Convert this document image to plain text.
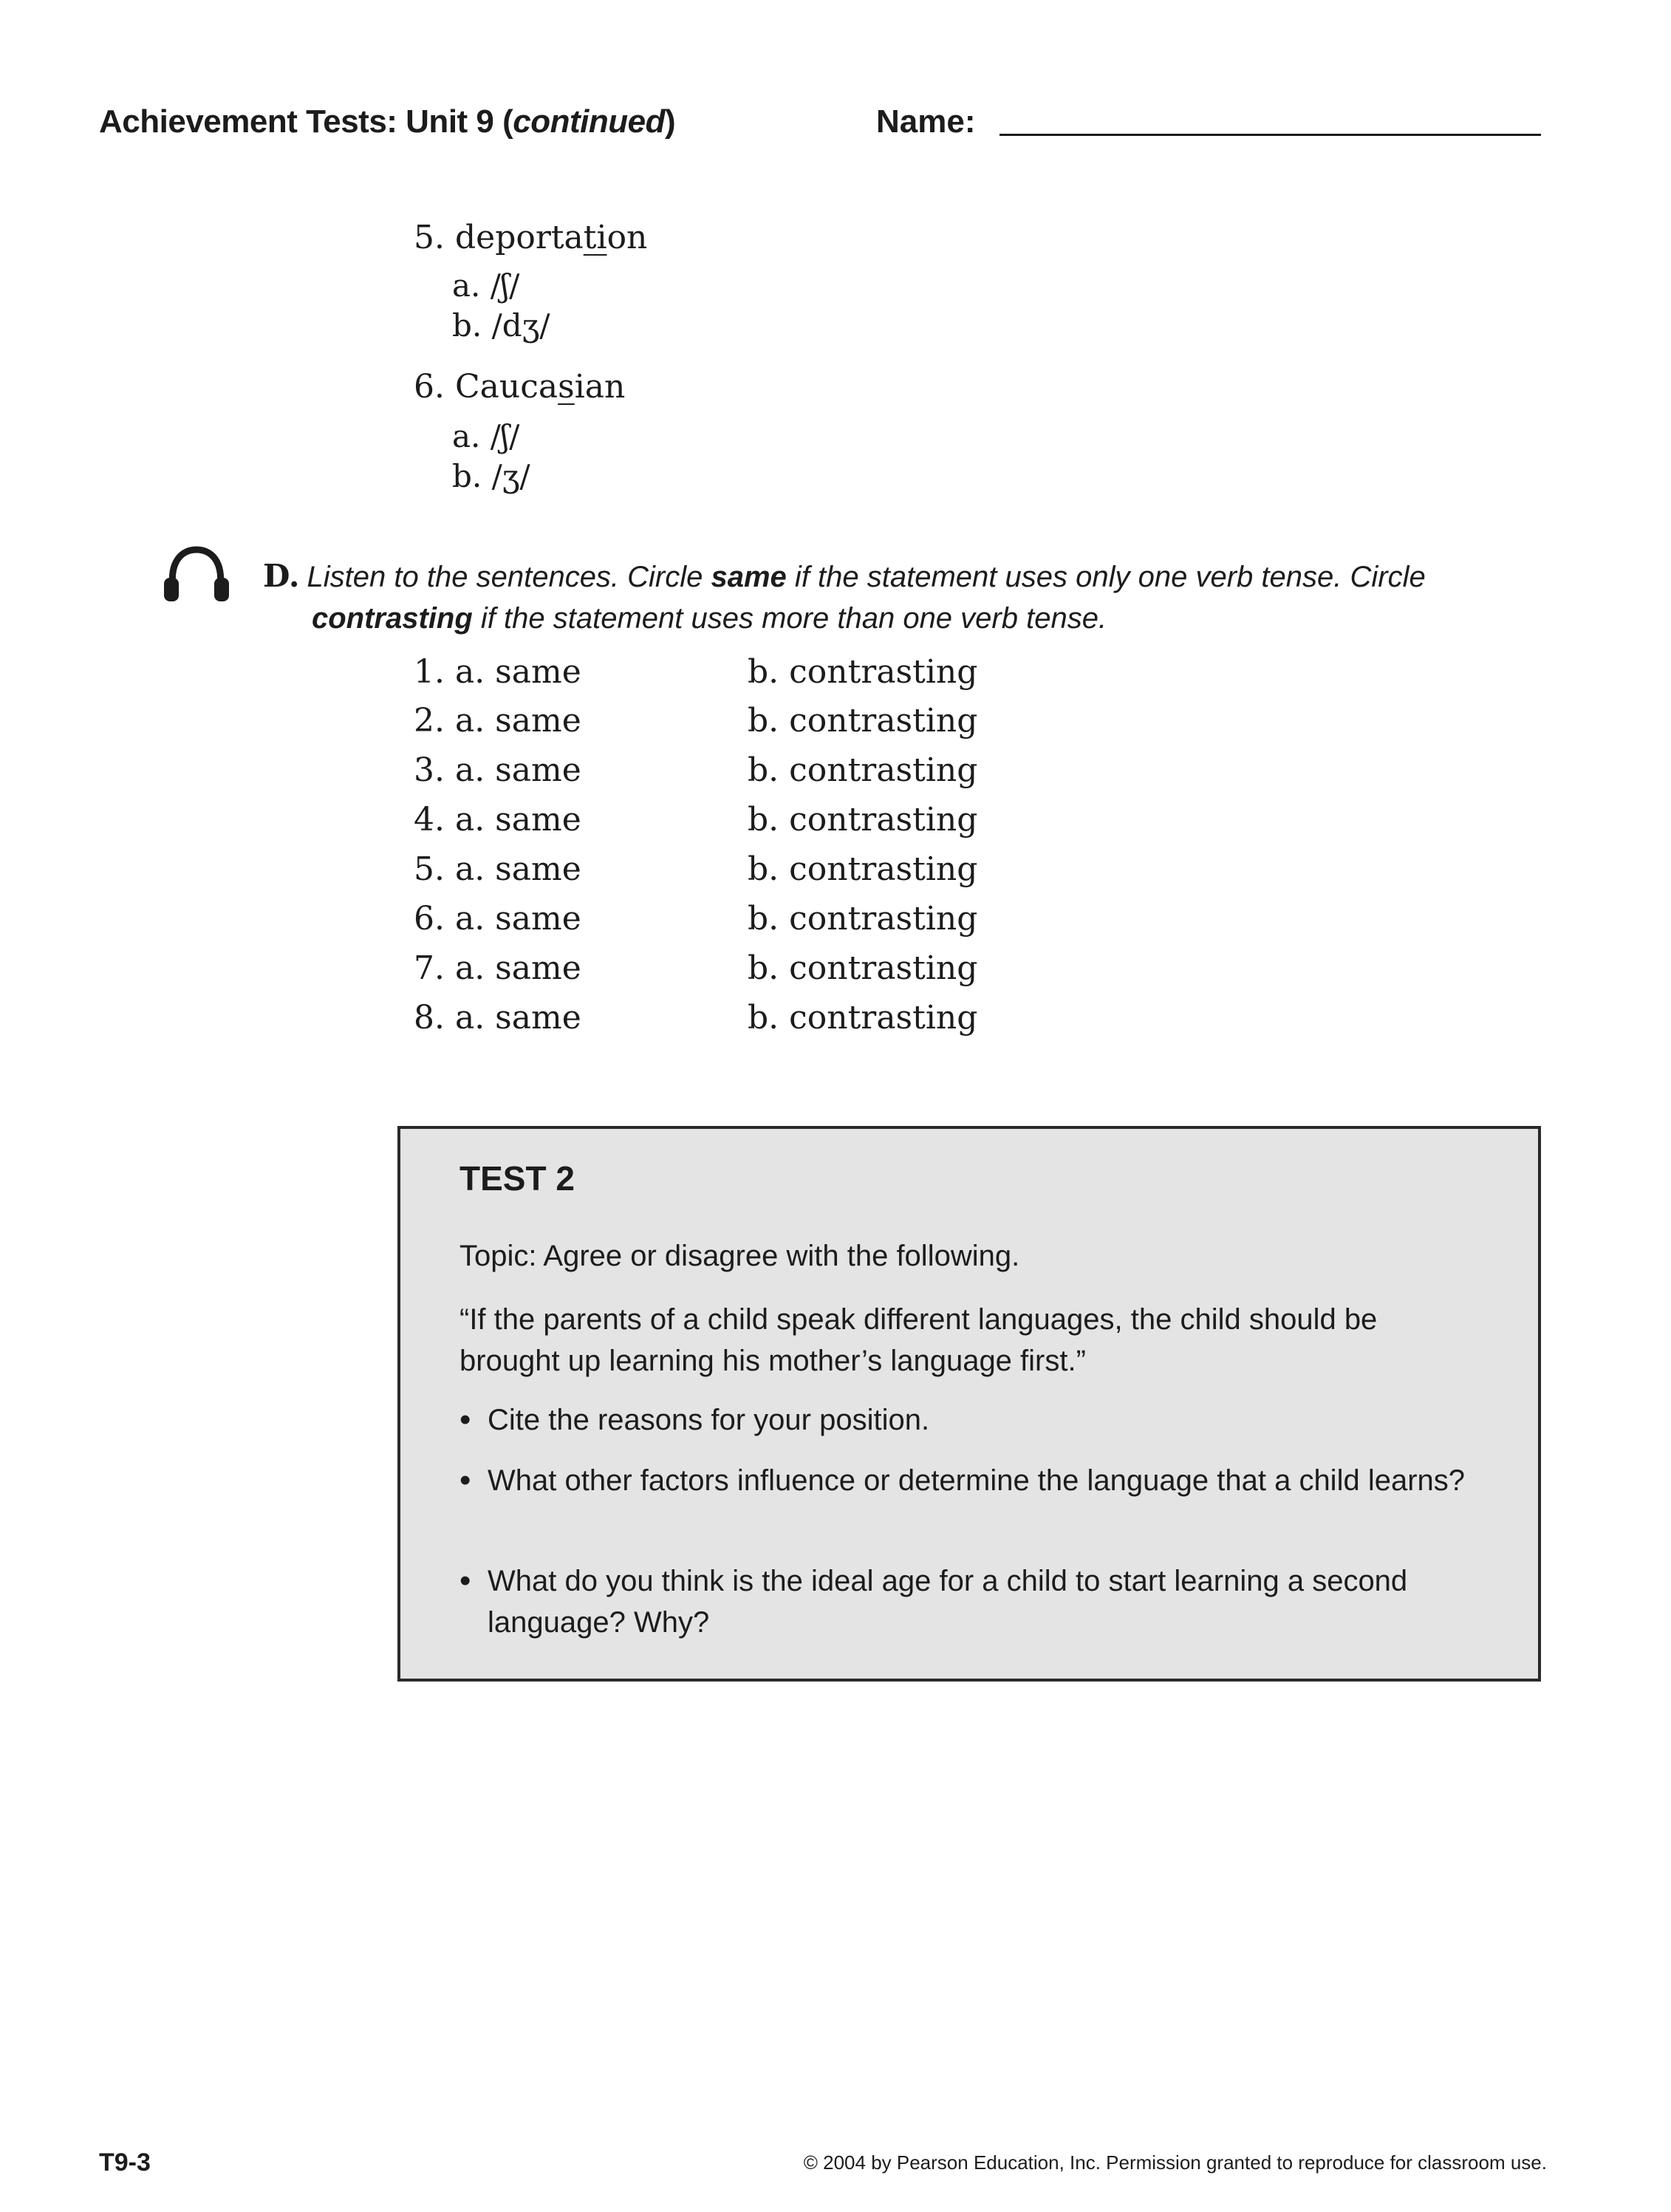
Achievement Tests: Unit 9 (continued)	Name:
5. deportation
a. /ʃ/
b. /dʒ/
6. Caucasian
a. /ʃ/
b. /ʒ/
D. Listen to the sentences. Circle same if the statement uses only one verb tense. Circle
contrasting if the statement uses more than one verb tense.
1. a. same	b. contrasting
2. a. same	b. contrasting
3. a. same	b. contrasting
4. a. same	b. contrasting
5. a. same	b. contrasting
6. a. same	b. contrasting
7. a. same	b. contrasting
8. a. same	b. contrasting
TEST 2
Topic: Agree or disagree with the following.
“If the parents of a child speak different languages, the child should be brought up learning his mother’s language first.”
• Cite the reasons for your position.
• What other factors influence or determine the language that a child learns?
• What do you think is the ideal age for a child to start learning a second language? Why?
T9-3	© 2004 by Pearson Education, Inc. Permission granted to reproduce for classroom use.
